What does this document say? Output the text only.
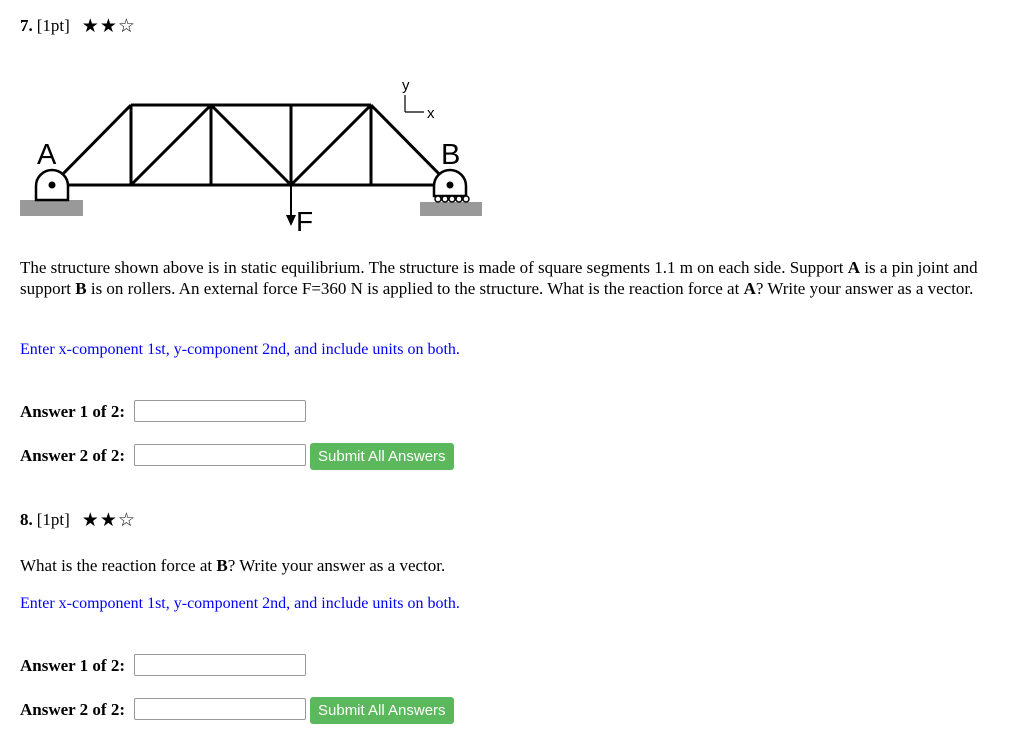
7. [1pt] ★★☆
A	B
F
y
x
The structure shown above is in static equilibrium. The structure is made of square segments 1.1 m on each side. Support A is a pin joint and support B is on rollers. An external force F=360 N is applied to the structure. What is the reaction force at A? Write your answer as a vector.
Enter x-component 1st, y-component 2nd, and include units on both.
Answer 1 of 2:
Answer 2 of 2:	Submit All Answers
8. [1pt] ★★☆
What is the reaction force at B? Write your answer as a vector.
Enter x-component 1st, y-component 2nd, and include units on both.
Answer 1 of 2:
Answer 2 of 2:	Submit All Answers
